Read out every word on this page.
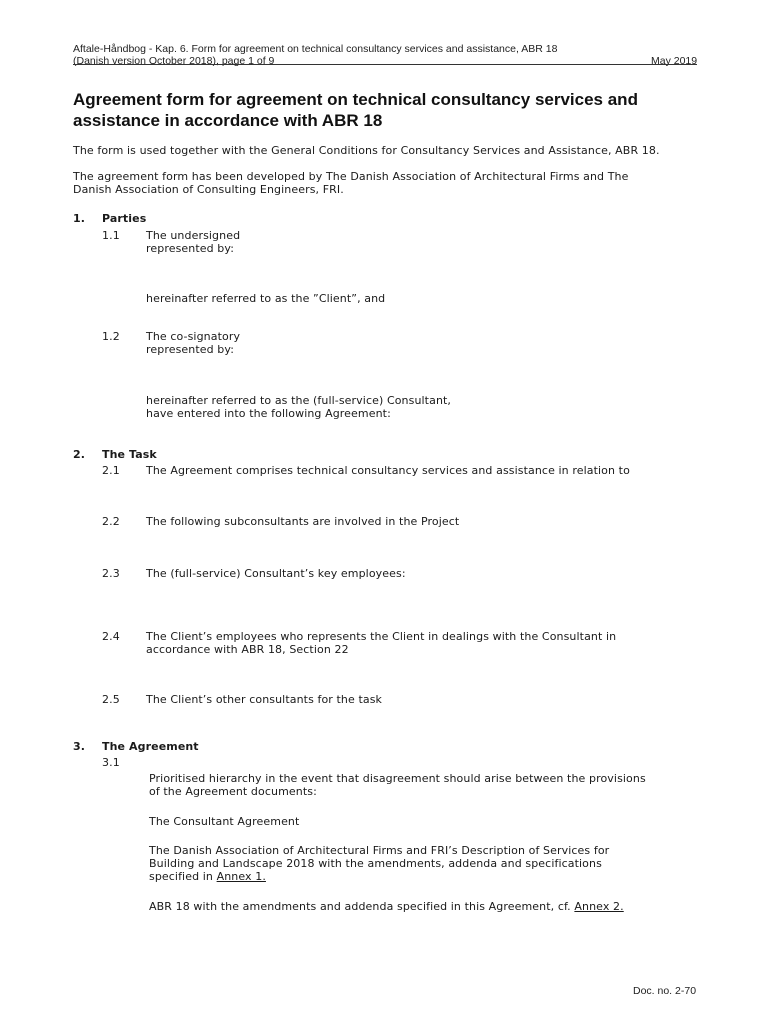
Aftale-Håndbog - Kap. 6. Form for agreement on technical consultancy services and assistance, ABR 18
(Danish version October 2018), page 1 of 9	May 2019
Agreement form for agreement on technical consultancy services and
assistance in accordance with ABR 18
The form is used together with the General Conditions for Consultancy Services and Assistance, ABR 18.
The agreement form has been developed by The Danish Association of Architectural Firms and The
Danish Association of Consulting Engineers, FRI.
1. Parties
1.1 The undersigned
represented by:
hereinafter referred to as the ”Client”, and
1.2 The co-signatory
represented by:
hereinafter referred to as the (full-service) Consultant,
have entered into the following Agreement:
2. The Task
2.1 The Agreement comprises technical consultancy services and assistance in relation to
2.2 The following subconsultants are involved in the Project
2.3 The (full-service) Consultant’s key employees:
2.4 The Client’s employees who represents the Client in dealings with the Consultant in
accordance with ABR 18, Section 22
2.5 The Client’s other consultants for the task
3. The Agreement
3.1
Prioritised hierarchy in the event that disagreement should arise between the provisions
of the Agreement documents:
The Consultant Agreement
The Danish Association of Architectural Firms and FRI’s Description of Services for
Building and Landscape 2018 with the amendments, addenda and specifications
specified in Annex 1.
ABR 18 with the amendments and addenda specified in this Agreement, cf. Annex 2.
Doc. no. 2-70
